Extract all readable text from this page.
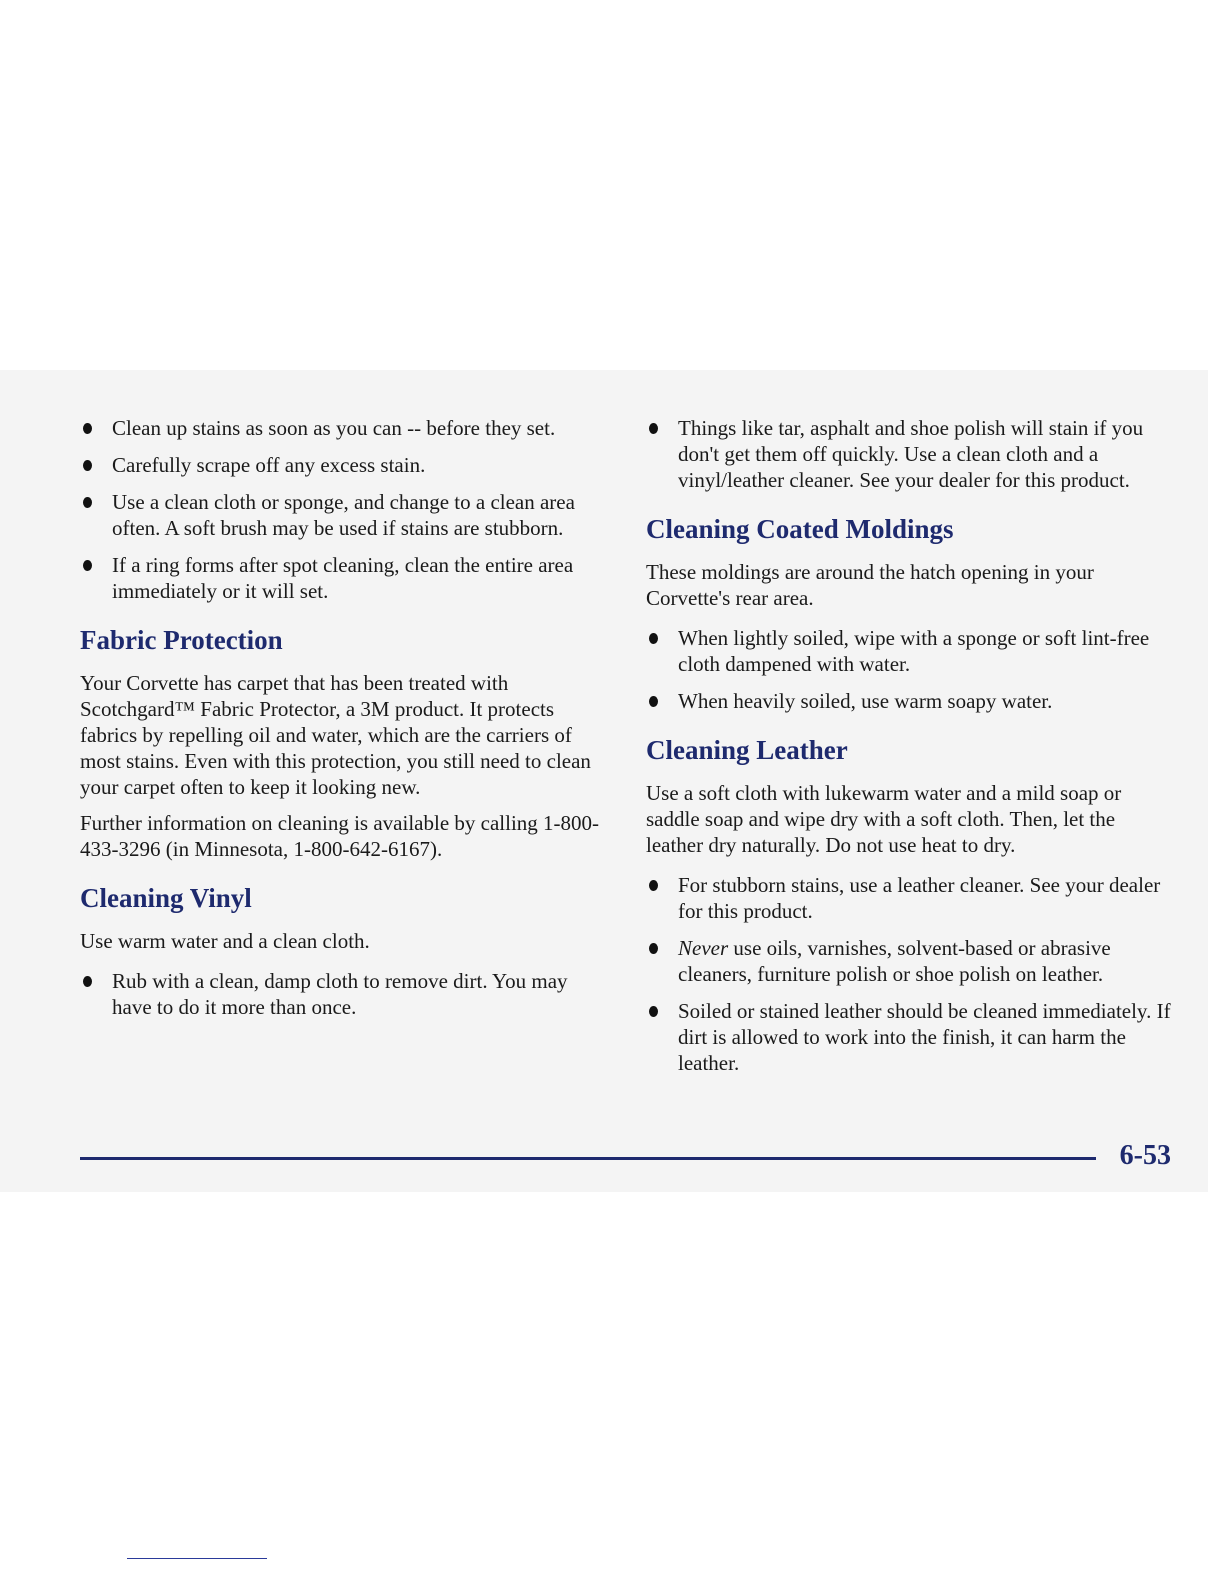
Clean up stains as soon as you can -- before they set.
Carefully scrape off any excess stain.
Use a clean cloth or sponge, and change to a clean area often. A soft brush may be used if stains are stubborn.
If a ring forms after spot cleaning, clean the entire area immediately or it will set.
Fabric Protection

Your Corvette has carpet that has been treated with Scotchgard™ Fabric Protector, a 3M product. It protects fabrics by repelling oil and water, which are the carriers of most stains. Even with this protection, you still need to clean your carpet often to keep it looking new.

Further information on cleaning is available by calling 1-800-433-3296 (in Minnesota, 1-800-642-6167).

Cleaning Vinyl

Use warm water and a clean cloth.

Rub with a clean, damp cloth to remove dirt. You may have to do it more than once.
Things like tar, asphalt and shoe polish will stain if you don't get them off quickly. Use a clean cloth and a vinyl/leather cleaner. See your dealer for this product.
Cleaning Coated Moldings

These moldings are around the hatch opening in your Corvette's rear area.

When lightly soiled, wipe with a sponge or soft lint-free cloth dampened with water.
When heavily soiled, use warm soapy water.
Cleaning Leather

Use a soft cloth with lukewarm water and a mild soap or saddle soap and wipe dry with a soft cloth. Then, let the leather dry naturally. Do not use heat to dry.

For stubborn stains, use a leather cleaner. See your dealer for this product.
Never use oils, varnishes, solvent-based or abrasive cleaners, furniture polish or shoe polish on leather.
Soiled or stained leather should be cleaned immediately. If dirt is allowed to work into the finish, it can harm the leather.
6-53
